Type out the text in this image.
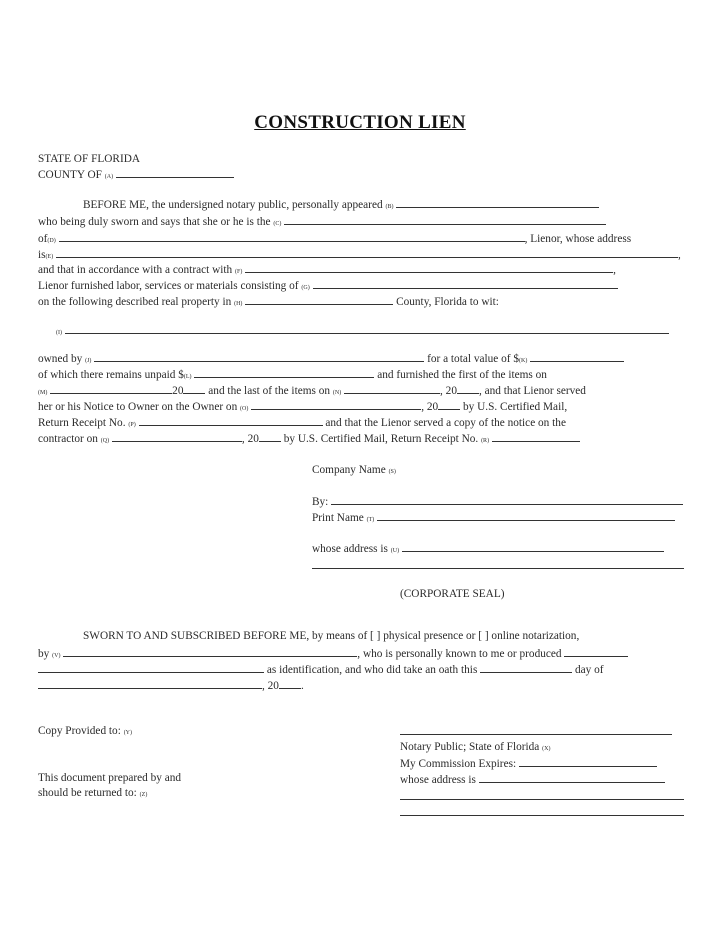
CONSTRUCTION LIEN
STATE OF FLORIDA
COUNTY OF (A)
BEFORE ME, the undersigned notary public, personally appeared (B)
who being duly sworn and says that she or he is the (C)
of(D)	, Lienor, whose address
is(E)	,
and that in accordance with a contract with (F)	,
Lienor furnished labor, services or materials consisting of (G)
on the following described real property in (H)	County, Florida to wit:
(I)
owned by (J)	for a total value of $(K)
of which there remains unpaid $(L)	and furnished the first of the items on
(M)	20 and the last of the items on (N)	, 20 , and that Lienor served
her or his Notice to Owner on the Owner on (O)	, 20 by U.S. Certified Mail,
Return Receipt No. (P)	and that the Lienor served a copy of the notice on the
contractor on (Q)	, 20 by U.S. Certified Mail, Return Receipt No. (R)
Company Name (S)
By:
Print Name (T)
whose address is (U)
(CORPORATE SEAL)
SWORN TO AND SUBSCRIBED BEFORE ME, by means of [ ] physical presence or [ ] online notarization,
by (V)	, who is personally known to me or produced
as identification, and who did take an oath this	day of
, 20 .
Copy Provided to: (Y)
Notary Public; State of Florida (X)
My Commission Expires:
This document prepared by and	whose address is
should be returned to: (Z)
